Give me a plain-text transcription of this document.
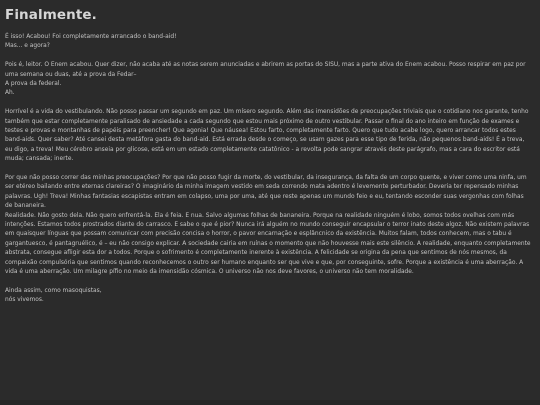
Finalmente.

É isso! Acabou! Foi completamente arrancado o band-aid!
Mas... e agora?

Pois é, leitor. O Enem acabou. Quer dizer, não acaba até as notas serem anunciadas e abrirem as portas do SISU, mas a parte ativa do Enem acabou. Posso respirar em paz por uma semana ou duas, até a prova da Fedar–
A prova da federal.
Ah.

Horrível é a vida do vestibulando. Não posso passar um segundo em paz. Um mísero segundo. Além das imensidões de preocupações triviais que o cotidiano nos garante, tenho também que estar completamente paralisado de ansiedade a cada segundo que estou mais próximo de outro vestibular. Passar o final do ano inteiro em função de exames e testes e provas e montanhas de papéis para preencher! Que agonia! Que náusea! Estou farto, completamente farto. Quero que tudo acabe logo, quero arrancar todos estes band-aids. Quer saber? Até cansei desta metáfora gasta do band-aid. Está errada desde o começo, se usam gazes para esse tipo de ferida, não pequenos band-aids! É a treva, eu digo, a treva! Meu cérebro anseia por glicose, está em um estado completamente catatônico - a revolta pode sangrar através deste parágrafo, mas a cara do escritor está muda; cansada; inerte.

Por que não posso correr das minhas preocupações? Por que não posso fugir da morte, do vestibular, da insegurança, da falta de um corpo quente, e viver como uma ninfa, um ser etéreo bailando entre eternas clareiras? O imaginário da minha imagem vestido em seda correndo mata adentro é levemente perturbador. Deveria ter repensado minhas palavras. Ugh! Treva! Minhas fantasias escapistas entram em colapso, uma por uma, até que reste apenas um mundo feio e eu, tentando esconder suas vergonhas com folhas de bananeira.

Realidade. Não gosto dela. Não quero enfrentá-la. Ela é feia. E nua. Salvo algumas folhas de bananeira. Porque na realidade ninguém é lobo, somos todos ovelhas com más intenções. Estamos todos prostrados diante do carrasco. E sabe o que é pior? Nunca irá alguém no mundo conseguir encapsular o terror inato deste algoz. Não existem palavras em quaisquer línguas que possam comunicar com precisão concisa o horror, o pavor encarnação e esplâncnico da existência. Muitos falam, todos conhecem, mas o tabu é gargantuesco, é pantagruélico, é – eu não consigo explicar. A sociedade cairia em ruínas o momento que não houvesse mais este silêncio. A realidade, enquanto completamente abstrata, consegue afligir esta dor a todos. Porque o sofrimento é completamente inerente à existência. A felicidade se origina da pena que sentimos de nós mesmos, da compaixão compulsória que sentimos quando reconhecemos o outro ser humano enquanto ser que vive e que, por conseguinte, sofre. Porque a existência é uma aberração. A vida é uma aberração. Um milagre pífio no meio da imensidão cósmica. O universo não nos deve favores, o universo não tem moralidade.

Ainda assim, como masoquistas,
nós vivemos.
